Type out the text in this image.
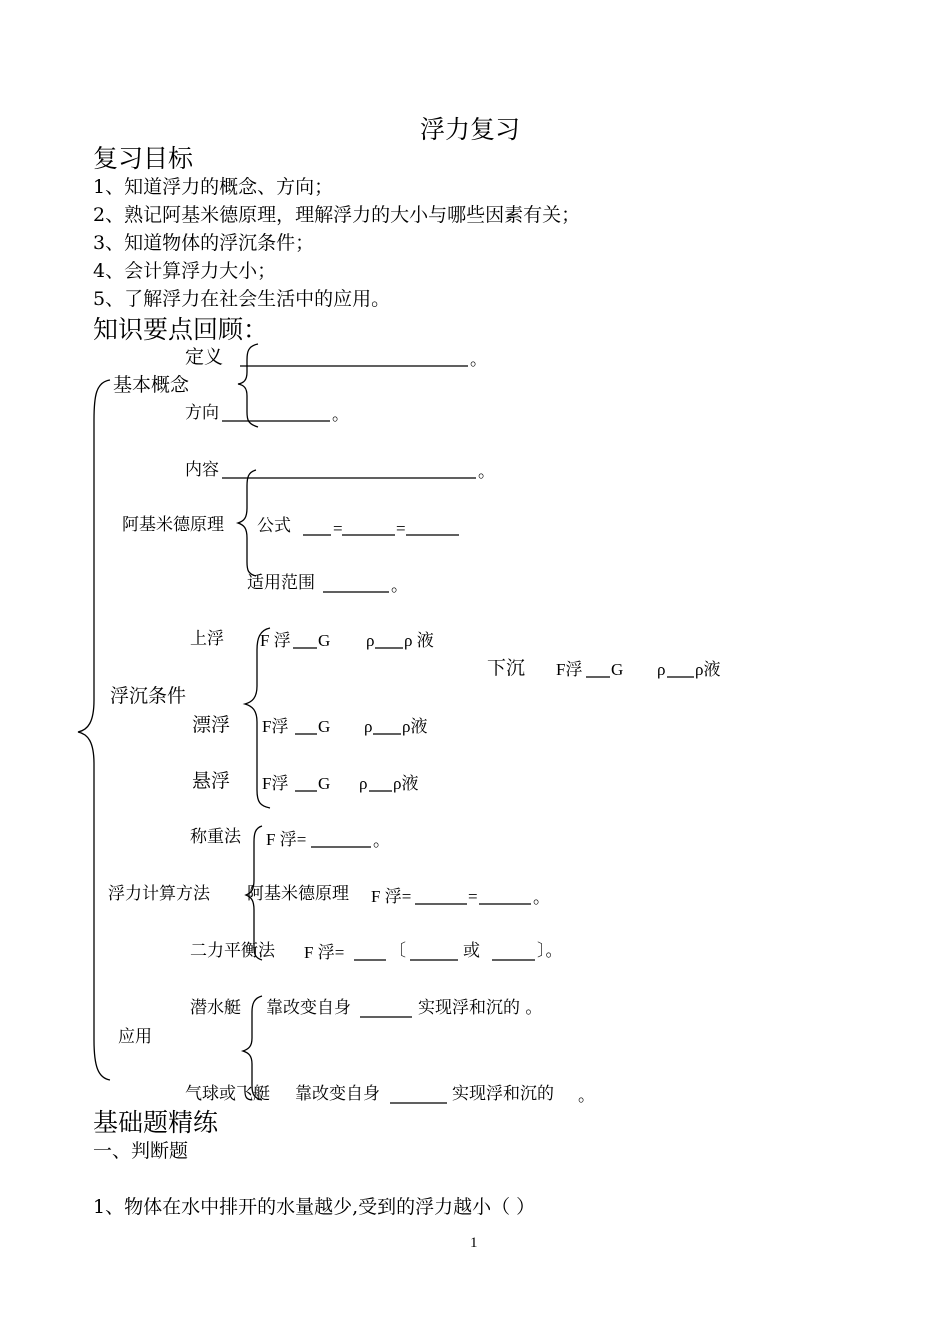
浮力复习
复习目标
1、知道浮力的概念、方向；
2、熟记阿基米德原理，理解浮力的大小与哪些因素有关；
3、知道物体的浮沉条件；
4、会计算浮力大小；
5、了解浮力在社会生活中的应用。
知识要点回顾：
定义	。
基本概念
方向	。
内容	。
阿基米德原理 公式 =	=
适用范围	。
上浮 F 浮 G ρ ρ 液
下沉 F浮 G ρ ρ液
浮沉条件
漂浮 F浮 G ρ ρ液
悬浮 F浮 G ρ ρ液
称重法 F 浮=	。
浮力计算方法 阿基米德原理 F 浮=	=	。
二力平衡法 F 浮=	〔	或	〕。
潜水艇 靠改变自身	实现浮和沉的 。
应用
气球或飞艇 靠改变自身	实现浮和沉的 。
基础题精练
一、判断题
1、物体在水中排开的水量越少,受到的浮力越小（ ）
1
